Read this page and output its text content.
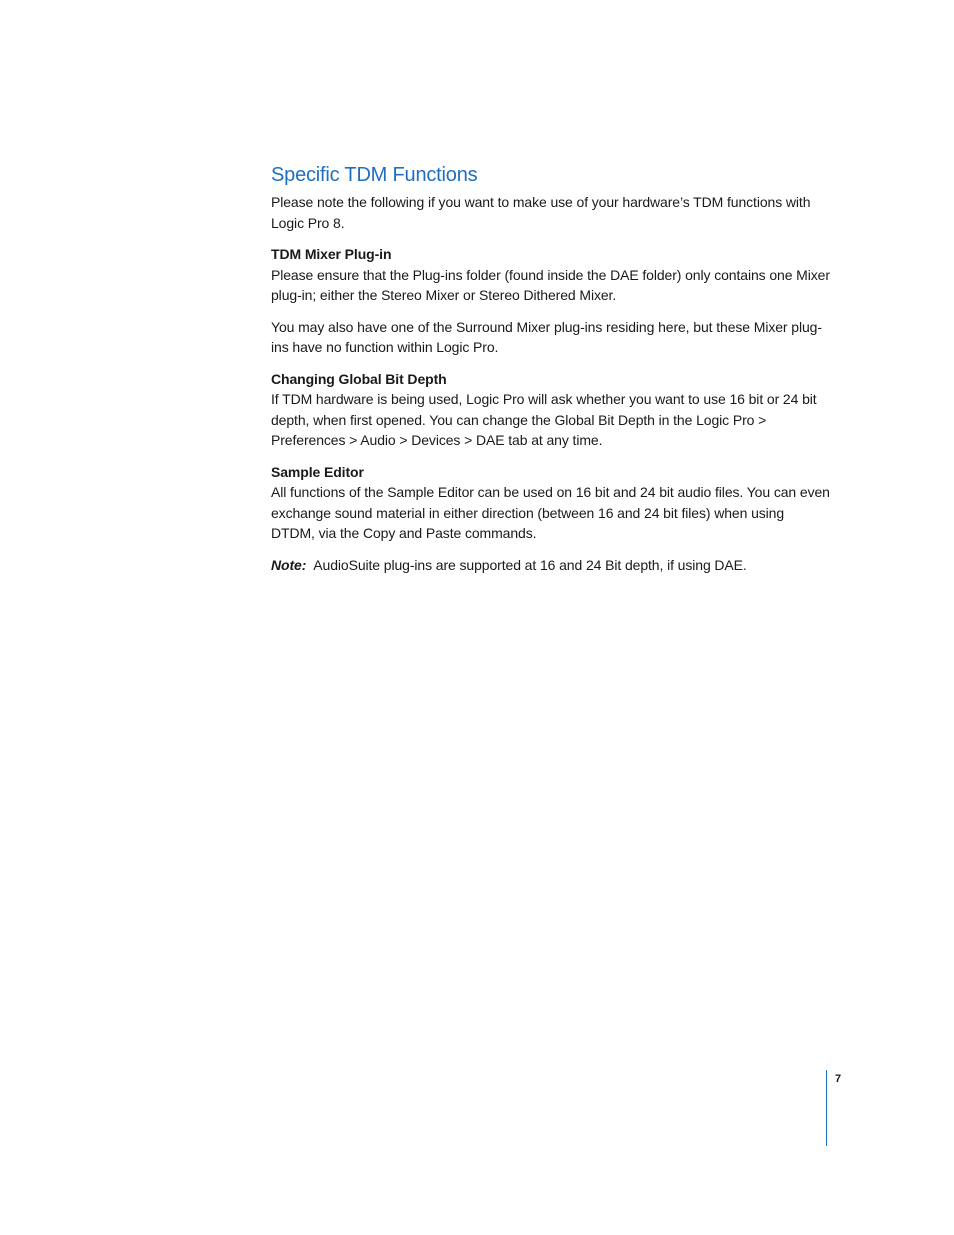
Specific TDM Functions

Please note the following if you want to make use of your hardware’s TDM functions with Logic Pro 8.

TDM Mixer Plug-in

Please ensure that the Plug-ins folder (found inside the DAE folder) only contains one Mixer plug-in; either the Stereo Mixer or Stereo Dithered Mixer.

You may also have one of the Surround Mixer plug-ins residing here, but these Mixer plug-ins have no function within Logic Pro.

Changing Global Bit Depth

If TDM hardware is being used, Logic Pro will ask whether you want to use 16 bit or 24 bit depth, when first opened. You can change the Global Bit Depth in the Logic Pro > Preferences > Audio > Devices > DAE tab at any time.

Sample Editor

All functions of the Sample Editor can be used on 16 bit and 24 bit audio files. You can even exchange sound material in either direction (between 16 and 24 bit files) when using DTDM, via the Copy and Paste commands.

Note: AudioSuite plug-ins are supported at 16 and 24 Bit depth, if using DAE.

7
